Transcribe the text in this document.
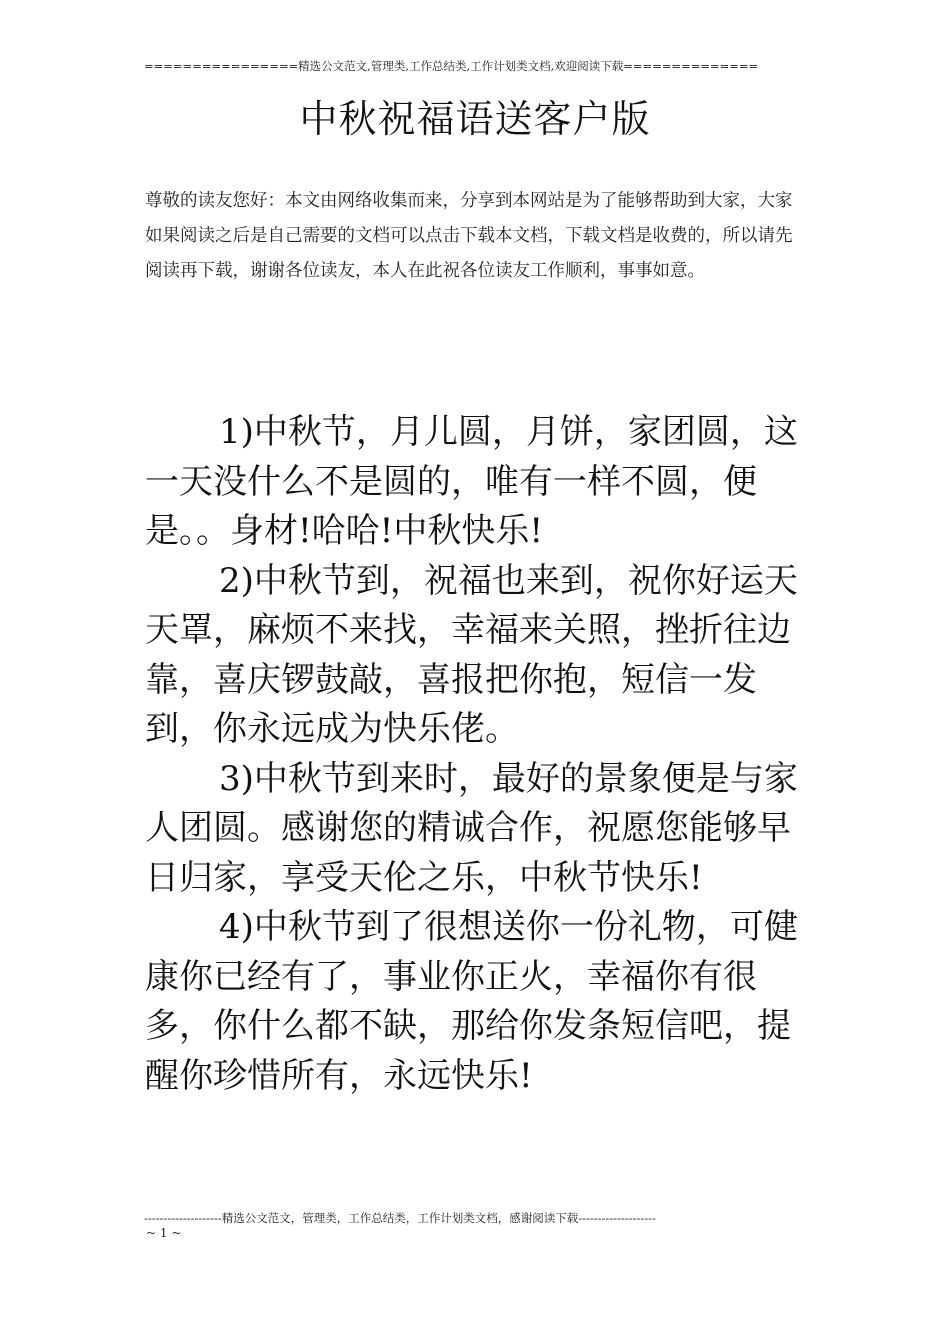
================精选公文范文,管理类,工作总结类,工作计划类文档,欢迎阅读下载==============
中秋祝福语送客户版
尊敬的读友您好：本文由网络收集而来，分享到本网站是为了能够帮助到大家，大家如果阅读之后是自己需要的文档可以点击下载本文档，下载文档是收费的，所以请先阅读再下载，谢谢各位读友，本人在此祝各位读友工作顺利，事事如意。

1)中秋节，月儿圆，月饼，家团圆，这一天没什么不是圆的，唯有一样不圆，便是。。身材!哈哈!中秋快乐!

2)中秋节到，祝福也来到，祝你好运天天罩，麻烦不来找，幸福来关照，挫折往边靠，喜庆锣鼓敲，喜报把你抱，短信一发到，你永远成为快乐佬。

3)中秋节到来时，最好的景象便是与家人团圆。感谢您的精诚合作，祝愿您能够早日归家，享受天伦之乐，中秋节快乐!

4)中秋节到了很想送你一份礼物，可健康你已经有了，事业你正火，幸福你有很多，你什么都不缺，那给你发条短信吧，提醒你珍惜所有，永远快乐!

--------------------精选公文范文，管理类，工作总结类，工作计划类文档，感谢阅读下载--------------------
~ 1 ~
